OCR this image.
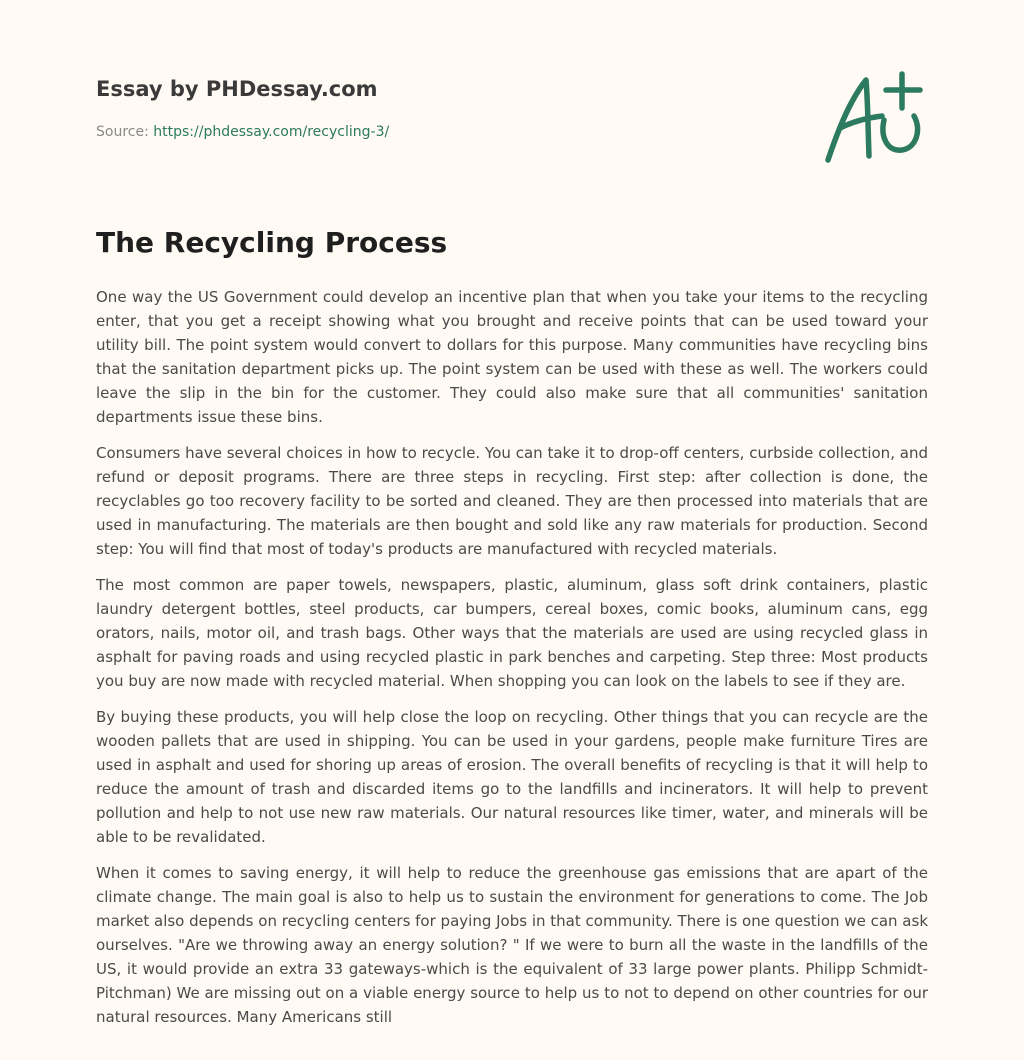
Essay by PHDessay.com
Source: https://phdessay.com/recycling-3/
The Recycling Process

One way the US Government could develop an incentive plan that when you take your items to the recycling enter, that you get a receipt showing what you brought and receive points that can be used toward your utility bill. The point system would convert to dollars for this purpose. Many communities have recycling bins that the sanitation department picks up. The point system can be used with these as well. The workers could leave the slip in the bin for the customer. They could also make sure that all communities' sanitation departments issue these bins.

Consumers have several choices in how to recycle. You can take it to drop-off centers, curbside collection, and refund or deposit programs. There are three steps in recycling. First step: after collection is done, the recyclables go too recovery facility to be sorted and cleaned. They are then processed into materials that are used in manufacturing. The materials are then bought and sold like any raw materials for production. Second step: You will find that most of today's products are manufactured with recycled materials.

The most common are paper towels, newspapers, plastic, aluminum, glass soft drink containers, plastic laundry detergent bottles, steel products, car bumpers, cereal boxes, comic books, aluminum cans, egg orators, nails, motor oil, and trash bags. Other ways that the materials are used are using recycled glass in asphalt for paving roads and using recycled plastic in park benches and carpeting. Step three: Most products you buy are now made with recycled material. When shopping you can look on the labels to see if they are.

By buying these products, you will help close the loop on recycling. Other things that you can recycle are the wooden pallets that are used in shipping. You can be used in your gardens, people make furniture Tires are used in asphalt and used for shoring up areas of erosion. The overall benefits of recycling is that it will help to reduce the amount of trash and discarded items go to the landfills and incinerators. It will help to prevent pollution and help to not use new raw materials. Our natural resources like timer, water, and minerals will be able to be revalidated.

When it comes to saving energy, it will help to reduce the greenhouse gas emissions that are apart of the climate change. The main goal is also to help us to sustain the environment for generations to come. The Job market also depends on recycling centers for paying Jobs in that community. There is one question we can ask ourselves. "Are we throwing away an energy solution? " If we were to burn all the waste in the landfills of the US, it would provide an extra 33 gateways-which is the equivalent of 33 large power plants. Philipp Schmidt-Pitchman) We are missing out on a viable energy source to help us to not to depend on other countries for our natural resources. Many Americans still
